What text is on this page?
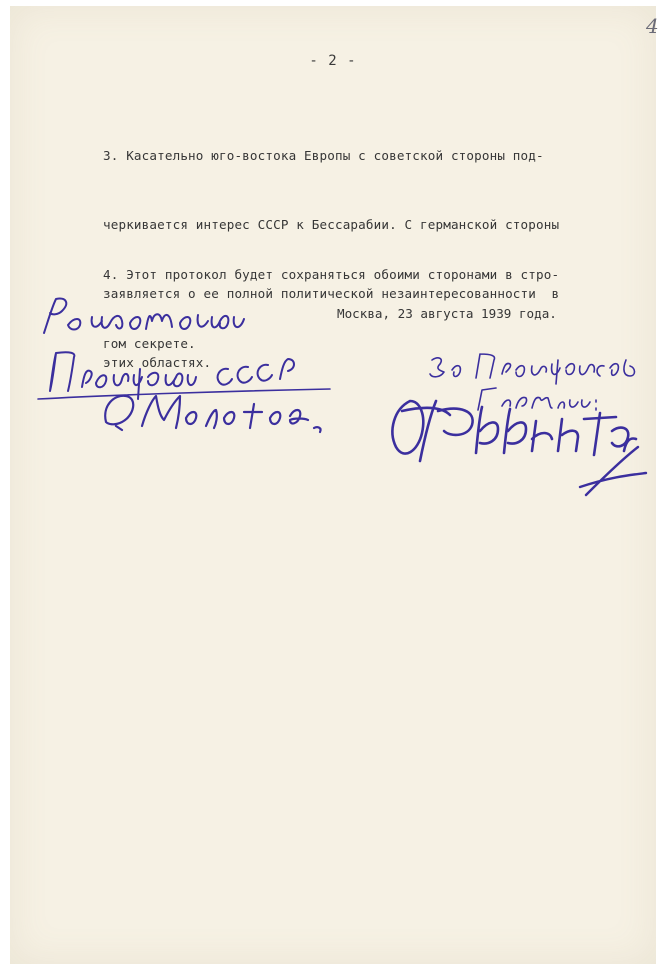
4
- 2 -

3. Касательно юго-востока Европы с советской стороны под-

черкивается интерес СССР к Бессарабии. С германской стороны

заявляется о ее полной политической незаинтересованности  в

этих областях.

4. Этот протокол будет сохраняться обоими сторонами в стро-

гом секрете.

Москва, 23 августа 1939 года.
